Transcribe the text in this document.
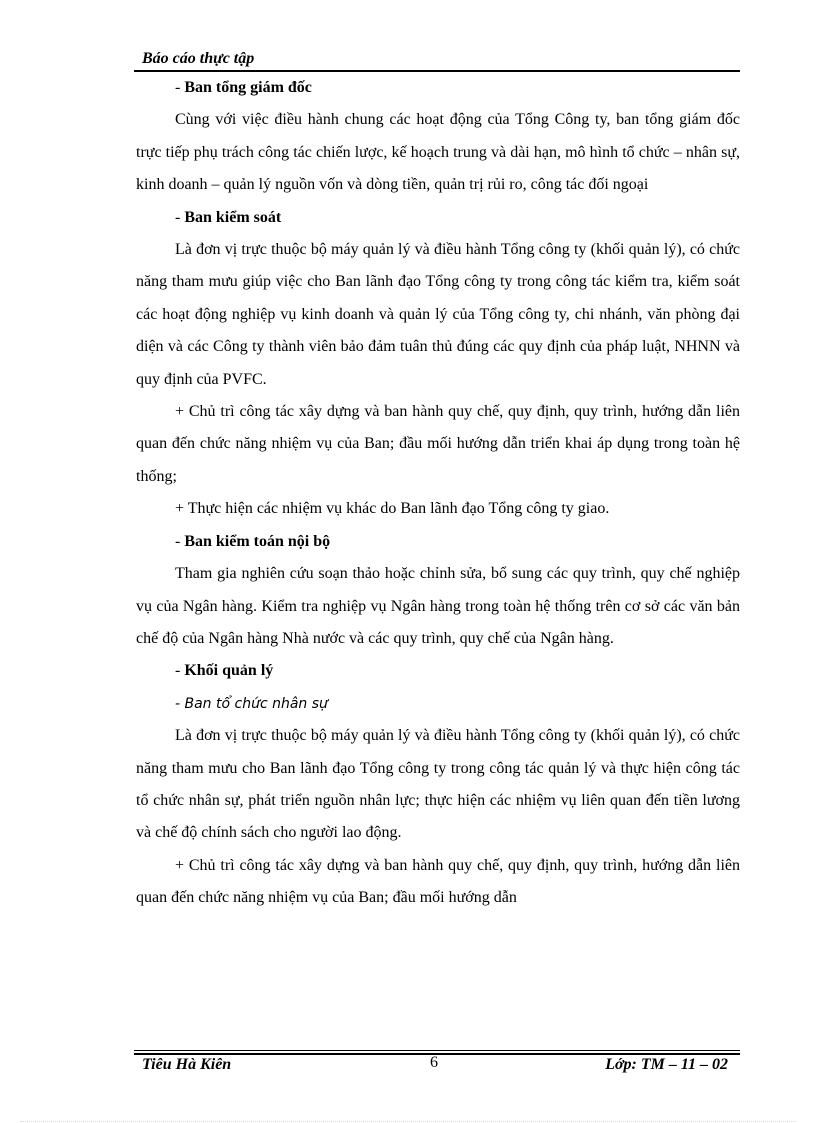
Báo cáo thực tập

- Ban tổng giám đốc

Cùng với việc điều hành chung các hoạt động của Tổng Công ty, ban tổng giám đốc trực tiếp phụ trách công tác chiến lược, kế hoạch trung và dài hạn, mô hình tổ chức – nhân sự, kinh doanh – quản lý nguồn vốn và dòng tiền, quản trị rủi ro, công tác đối ngoại

- Ban kiểm soát

Là đơn vị trực thuộc bộ máy quản lý và điều hành Tổng công ty (khối quản lý), có chức năng tham mưu giúp việc cho Ban lãnh đạo Tổng công ty trong công tác kiểm tra, kiểm soát các hoạt động nghiệp vụ kinh doanh và quản lý của Tổng công ty, chi nhánh, văn phòng đại diện và các Công ty thành viên bảo đảm tuân thủ đúng các quy định của pháp luật, NHNN và quy định của PVFC.

+ Chủ trì công tác xây dựng và ban hành quy chế, quy định, quy trình, hướng dẫn liên quan đến chức năng nhiệm vụ của Ban; đầu mối hướng dẫn triển khai áp dụng trong toàn hệ thống;

+ Thực hiện các nhiệm vụ khác do Ban lãnh đạo Tổng công ty giao.

- Ban kiểm toán nội bộ

Tham gia nghiên cứu soạn thảo hoặc chỉnh sửa, bổ sung các quy trình, quy chế nghiệp vụ của Ngân hàng. Kiểm tra nghiệp vụ Ngân hàng trong toàn hệ thống trên cơ sở các văn bản chế độ của Ngân hàng Nhà nước và các quy trình, quy chế của Ngân hàng.

- Khối quản lý

- Ban tổ chức nhân sự

Là đơn vị trực thuộc bộ máy quản lý và điều hành Tổng công ty (khối quản lý), có chức năng tham mưu cho Ban lãnh đạo Tổng công ty trong công tác quản lý và thực hiện công tác tổ chức nhân sự, phát triển nguồn nhân lực; thực hiện các nhiệm vụ liên quan đến tiền lương và chế độ chính sách cho người lao động.

+ Chủ trì công tác xây dựng và ban hành quy chế, quy định, quy trình, hướng dẫn liên quan đến chức năng nhiệm vụ của Ban; đầu mối hướng dẫn

Tiêu Hà Kiên	6	Lớp: TM – 11 – 02
